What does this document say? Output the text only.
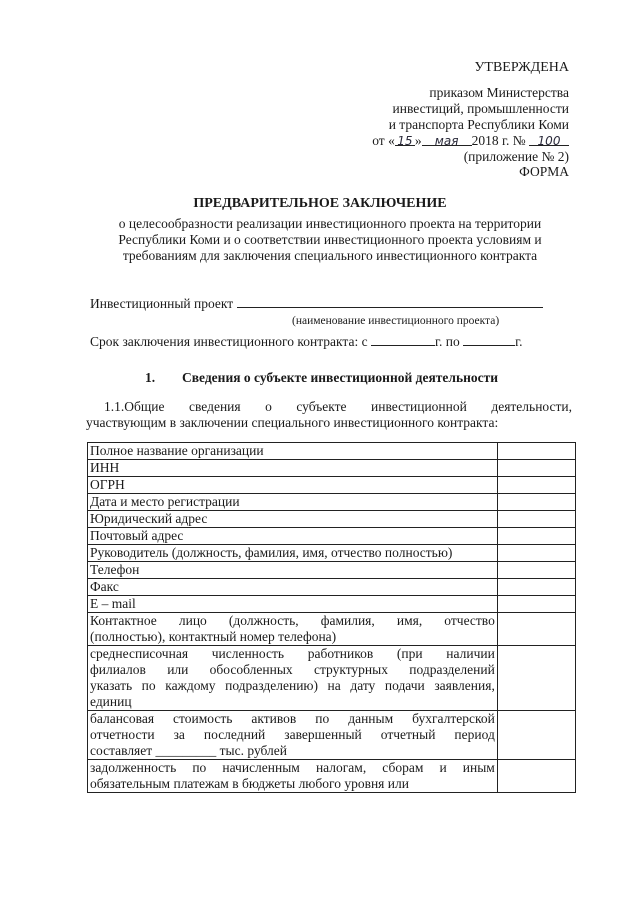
УТВЕРЖДЕНА
приказом Министерства
инвестиций, промышленности
и транспорта Республики Коми
от « 15 » мая 2018 г. № 100
(приложение № 2)
ФОРМА
ПРЕДВАРИТЕЛЬНОЕ ЗАКЛЮЧЕНИЕ
о целесообразности реализации инвестиционного проекта на территории
Республики Коми и о соответствии инвестиционного проекта условиям и
требованиям для заключения специального инвестиционного контракта
Инвестиционный проект
(наименование инвестиционного проекта)
Срок заключения инвестиционного контракта: с	г. по	г.
1. Сведения о субъекте инвестиционной деятельности
1.1.Общие сведения о субъекте инвестиционной деятельности,
участвующим в заключении специального инвестиционного контракта:
Полное название организации	

ИНН	

ОГРН	

Дата и место регистрации	

Юридический адрес	

Почтовый адрес	

Руководитель (должность, фамилия, имя, отчество полностью)	

Телефон	

Факс	

E – mail	

Контактное лицо (должность, фамилия, имя, отчество
(полностью), контактный номер телефона)	

среднесписочная численность работников (при наличии
филиалов или обособленных структурных подразделений
указать по каждому подразделению) на дату подачи заявления,
единиц	

балансовая стоимость активов по данным бухгалтерской
отчетности за последний завершенный отчетный период
составляет _________ тыс. рублей	

задолженность по начисленным налогам, сборам и иным
обязательным платежам в бюджеты любого уровня или	
